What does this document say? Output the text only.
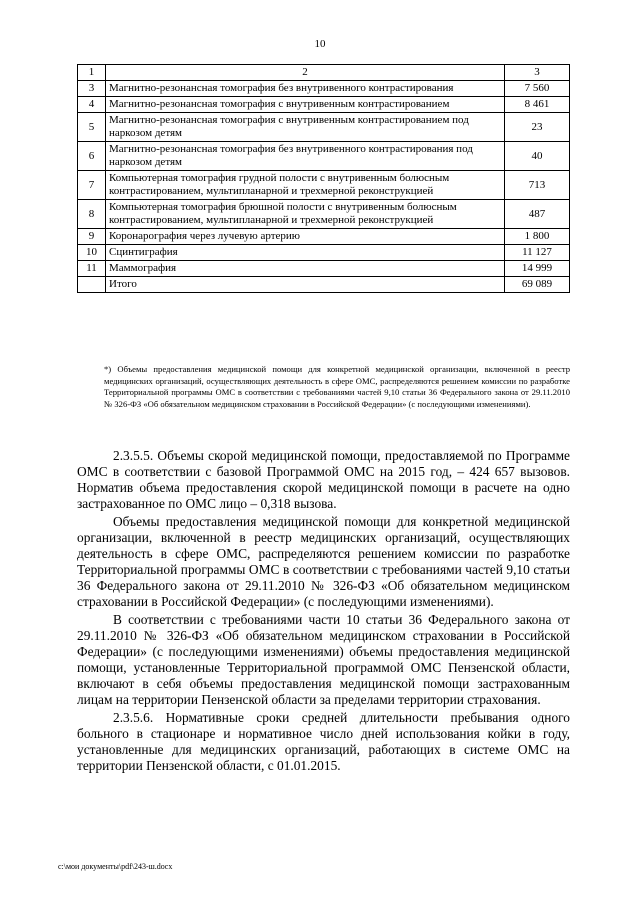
10
1	2	3
3	Магнитно-резонансная томография без внутривенного контрастирования	7 560
4	Магнитно-резонансная томография с внутривенным контрастированием	8 461
5	Магнитно-резонансная томография с внутривенным контрастированием под наркозом детям	23
6	Магнитно-резонансная томография без внутривенного контрастирования под наркозом детям	40
7	Компьютерная томография грудной полости с внутривенным болюсным контрастированием, мультипланарной и трехмерной реконструкцией	713
8	Компьютерная томография брюшной полости с внутривенным болюсным контрастированием, мультипланарной и трехмерной реконструкцией	487
9	Коронарография через лучевую артерию	1 800
10	Сцинтиграфия	11 127
11	Маммография	14 999
	Итого	69 089
*) Объемы предоставления медицинской помощи для конкретной медицинской организации, включенной в реестр медицинских организаций, осуществляющих деятельность в сфере ОМС, распределяются решением комиссии по разработке Территориальной программы ОМС в соответствии с требованиями частей 9,10 статьи 36 Федерального закона от 29.11.2010 № 326-ФЗ «Об обязательном медицинском страховании в Российской Федерации» (с последующими изменениями).

2.3.5.5. Объемы скорой медицинской помощи, предоставляемой по Программе ОМС в соответствии с базовой Программой ОМС на 2015 год, – 424 657 вызовов. Норматив объема предоставления скорой медицинской помощи в расчете на одно застрахованное по ОМС лицо – 0,318 вызова.

Объемы предоставления медицинской помощи для конкретной медицинской организации, включенной в реестр медицинских организаций, осуществляющих деятельность в сфере ОМС, распределяются решением комиссии по разработке Территориальной программы ОМС в соответствии с требованиями частей 9,10 статьи 36 Федерального закона от 29.11.2010 № 326-ФЗ «Об обязательном медицинском страховании в Российской Федерации» (с последующими изменениями).

В соответствии с требованиями части 10 статьи 36 Федерального закона от 29.11.2010 № 326-ФЗ «Об обязательном медицинском страховании в Российской Федерации» (с последующими изменениями) объемы предоставления медицинской помощи, установленные Территориальной программой ОМС Пензенской области, включают в себя объемы предоставления медицинской помощи застрахованным лицам на территории Пензенской области за пределами территории страхования.

2.3.5.6. Нормативные сроки средней длительности пребывания одного больного в стационаре и нормативное число дней использования койки в году, установленные для медицинских организаций, работающих в системе ОМС на территории Пензенской области, с 01.01.2015.

c:\мои документы\pdf\243-ш.docx
